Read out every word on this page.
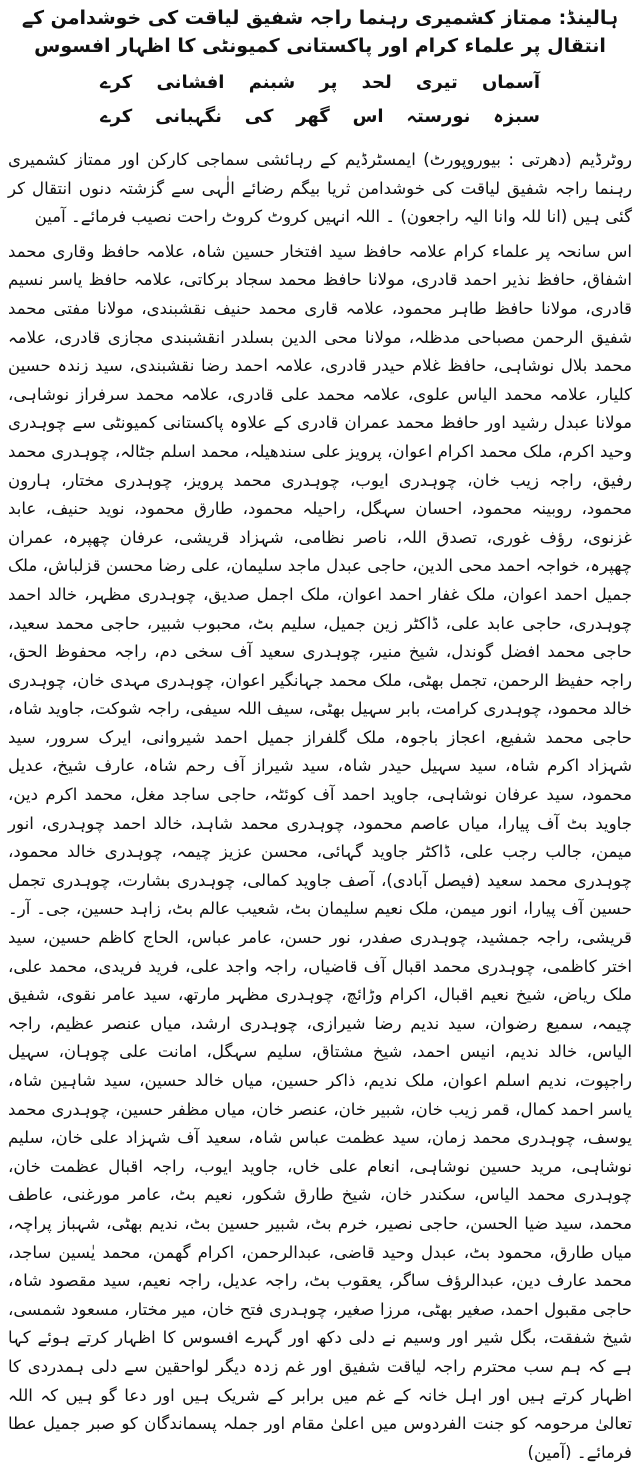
ہالینڈ: ممتاز کشمیری رہنما راجہ شفیق لیاقت کی خوشدامن کے انتقال پر علماء کرام اور پاکستانی کمیونٹی کا اظہار افسوس
آسماں
تیری
لحد
پر
شبنم
افشانی
کرے
سبزہ
نورستہ
اس
گھر
کی
نگہبانی
کرے

روٹرڈیم (دھرتی : بیوروپورٹ) ایمسٹرڈیم کے رہائشی سماجی کارکن اور ممتاز کشمیری رہنما راجہ شفیق لیاقت کی خوشدامن ثریا بیگم رضائے الٰہی سے گزشتہ دنوں انتقال کر گئی ہیں (انا للہ وانا الیہ راجعون) ۔ اللہ انہیں کروٹ کروٹ راحت نصیب فرمائے۔ آمین

اس سانحہ پر علماء کرام علامہ حافظ سید افتخار حسین شاہ، علامہ حافظ وقاری محمد اشفاق، حافظ نذیر احمد قادری، مولانا حافظ محمد سجاد برکاتی، علامہ حافظ یاسر نسیم قادری، مولانا حافظ طاہر محمود، علامہ قاری محمد حنیف نقشبندی، مولانا مفتی محمد شفیق الرحمن مصباحی مدظلہ، مولانا محی الدین بسلدر انقشبندی مجازی قادری، علامہ محمد بلال نوشاہی، حافظ غلام حیدر قادری، علامہ احمد رضا نقشبندی، سید زندہ حسین کلیار، علامہ محمد الیاس علوی، علامہ محمد علی قادری، علامہ محمد سرفراز نوشاہی، مولانا عبدل رشید اور حافظ محمد عمران قادری کے علاوہ پاکستانی کمیونٹی سے چوہدری وحید اکرم، ملک محمد اکرام اعوان، پرویز علی سندھیلہ، محمد اسلم جٹالہ، چوہدری محمد رفیق، راجہ زیب خان، چوہدری ایوب، چوہدری محمد پرویز، چوہدری مختار، ہارون محمود، روبینہ محمود، احسان سہگل، راحیلہ محمود، طارق محمود، نوید حنیف، عابد غزنوی، رؤف غوری، تصدق اللہ، ناصر نظامی، شہزاد قریشی، عرفان چھپرہ، عمران چھپرہ، خواجہ احمد محی الدین، حاجی عبدل ماجد سلیمان، علی رضا محسن قزلباش، ملک جمیل احمد اعوان، ملک غفار احمد اعوان، ملک اجمل صدیق، چوہدری مظہر، خالد احمد چوہدری، حاجی عابد علی، ڈاکٹر زین جمیل، سلیم بٹ، محبوب شبیر، حاجی محمد سعید، حاجی محمد افضل گوندل، شیخ منیر، چوہدری سعید آف سخی دم، راجہ محفوظ الحق، راجہ حفیظ الرحمن، تجمل بھٹی، ملک محمد جہانگیر اعوان، چوہدری مہدی خان، چوہدری خالد محمود، چوہدری کرامت، بابر سہیل بھٹی، سیف اللہ سیفی، راجہ شوکت، جاوید شاہ، حاجی محمد شفیع، اعجاز باجوہ، ملک گلفراز جمیل احمد شیروانی، ایرک سرور، سید شہزاد اکرم شاہ، سید سہیل حیدر شاہ، سید شیراز آف رحم شاہ، عارف شیخ، عدیل محمود، سید عرفان نوشاہی، جاوید احمد آف کوئٹہ، حاجی ساجد مغل، محمد اکرم دین، جاوید بٹ آف پیارا، میاں عاصم محمود، چوہدری محمد شاہد، خالد احمد چوہدری، انور میمن، جالب رجب علی، ڈاکٹر جاوید گہائی، محسن عزیز چیمہ، چوہدری خالد محمود، چوہدری محمد سعید (فیصل آبادی)، آصف جاوید کمالی، چوہدری بشارت، چوہدری تجمل حسین آف پیارا، انور میمن، ملک نعیم سلیمان بٹ، شعیب عالم بٹ، زاہد حسین، جی۔ آر۔ قریشی، راجہ جمشید، چوہدری صفدر، نور حسن، عامر عباس، الحاج کاظم حسین، سید اختر کاظمی، چوہدری محمد اقبال آف قاضیاں، راجہ واجد علی، فرید فریدی، محمد علی، ملک ریاض، شیخ نعیم اقبال، اکرام وڑائچ، چوہدری مظہر مارتھ، سید عامر نقوی، شفیق چیمہ، سمیع رضوان، سید ندیم رضا شیرازی، چوہدری ارشد، میاں عنصر عظیم، راجہ الیاس، خالد ندیم، انیس احمد، شیخ مشتاق، سلیم سہگل، امانت علی چوہان، سہیل راجپوت، ندیم اسلم اعوان، ملک ندیم، ذاکر حسین، میاں خالد حسین، سید شاہین شاہ، یاسر احمد کمال، قمر زیب خان، شبیر خان، عنصر خان، میاں مظفر حسین، چوہدری محمد یوسف، چوہدری محمد زمان، سید عظمت عباس شاہ، سعید آف شہزاد علی خان، سلیم نوشاہی، مرید حسین نوشاہی، انعام علی خاں، جاوید ایوب، راجہ اقبال عظمت خان، چوہدری محمد الیاس، سکندر خان، شیخ طارق شکور، نعیم بٹ، عامر مورغنی، عاطف محمد، سید ضیا الحسن، حاجی نصیر، خرم بٹ، شبیر حسین بٹ، ندیم بھٹی، شہباز پراچہ، میاں طارق، محمود بٹ، عبدل وحید قاضی، عبدالرحمن، اکرام گھمن، محمد یٰسین ساجد، محمد عارف دین، عبدالرؤف ساگر، یعقوب بٹ، راجہ عدیل، راجہ نعیم، سید مقصود شاہ، حاجی مقبول احمد، صغیر بھٹی، مرزا صغیر، چوہدری فتح خان، میر مختار، مسعود شمسی، شیخ شفقت، بگل شیر اور وسیم نے دلی دکھ اور گہرے افسوس کا اظہار کرتے ہوئے کہا ہے کہ ہم سب محترم راجہ لیاقت شفیق اور غم زدہ دیگر لواحقین سے دلی ہمدردی کا اظہار کرتے ہیں اور اہل خانہ کے غم میں برابر کے شریک ہیں اور دعا گو ہیں کہ اللہ تعالیٰ مرحومہ کو جنت الفردوس میں اعلیٰ مقام اور جملہ پسماندگان کو صبر جمیل عطا فرمائے۔ (آمین)
